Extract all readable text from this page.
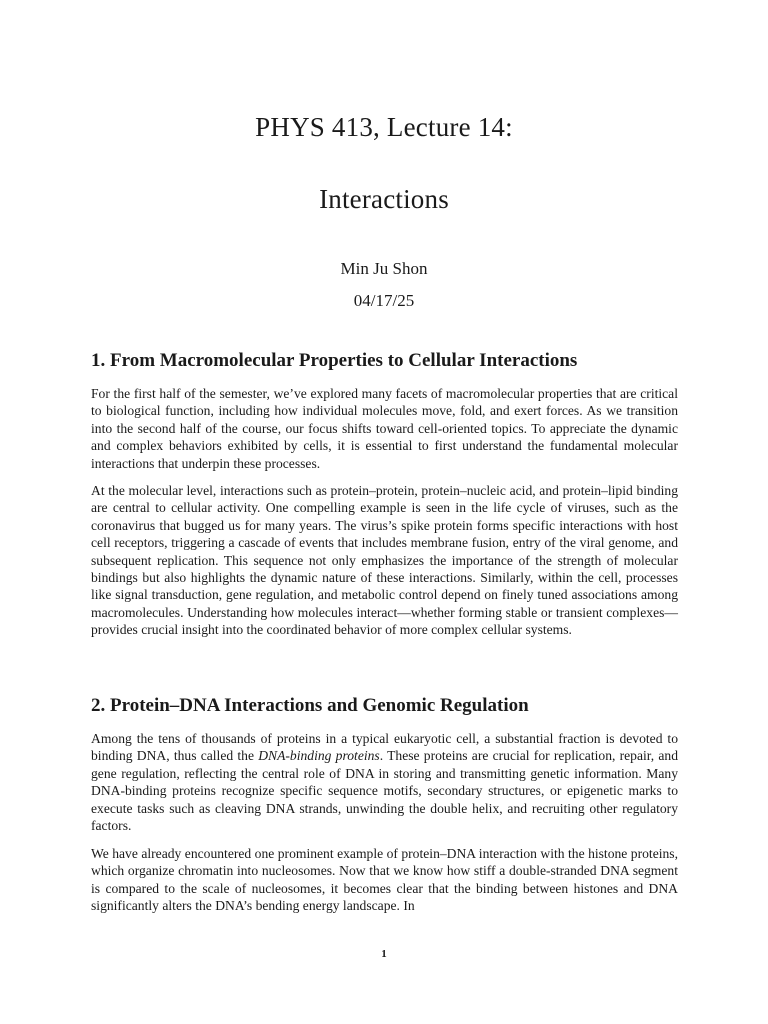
PHYS 413, Lecture 14:
Interactions

Min Ju Shon

04/17/25

1. From Macromolecular Properties to Cellular Interactions

For the first half of the semester, we’ve explored many facets of macromolecular properties that are critical to biological function, including how individual molecules move, fold, and exert forces. As we transition into the second half of the course, our focus shifts toward cell-oriented topics. To appreciate the dynamic and complex behaviors exhibited by cells, it is essential to first understand the fundamental molecular interactions that underpin these processes.

At the molecular level, interactions such as protein–protein, protein–nucleic acid, and protein–lipid binding are central to cellular activity. One compelling example is seen in the life cycle of viruses, such as the coronavirus that bugged us for many years. The virus’s spike protein forms specific interactions with host cell receptors, triggering a cascade of events that includes membrane fusion, entry of the viral genome, and subsequent replication. This sequence not only emphasizes the importance of the strength of molecular bindings but also highlights the dynamic nature of these interactions. Similarly, within the cell, processes like signal transduction, gene regulation, and metabolic control depend on finely tuned associations among macromolecules. Understanding how molecules interact—whether forming stable or transient complexes—provides crucial insight into the coordinated behavior of more complex cellular systems.

2. Protein–DNA Interactions and Genomic Regulation

Among the tens of thousands of proteins in a typical eukaryotic cell, a substantial fraction is devoted to binding DNA, thus called the DNA-binding proteins. These proteins are crucial for replication, repair, and gene regulation, reflecting the central role of DNA in storing and transmitting genetic information. Many DNA-binding proteins recognize specific sequence motifs, secondary structures, or epigenetic marks to execute tasks such as cleaving DNA strands, unwinding the double helix, and recruiting other regulatory factors.

We have already encountered one prominent example of protein–DNA interaction with the histone proteins, which organize chromatin into nucleosomes. Now that we know how stiff a double-stranded DNA segment is compared to the scale of nucleosomes, it becomes clear that the binding between histones and DNA significantly alters the DNA’s bending energy landscape. In

1
